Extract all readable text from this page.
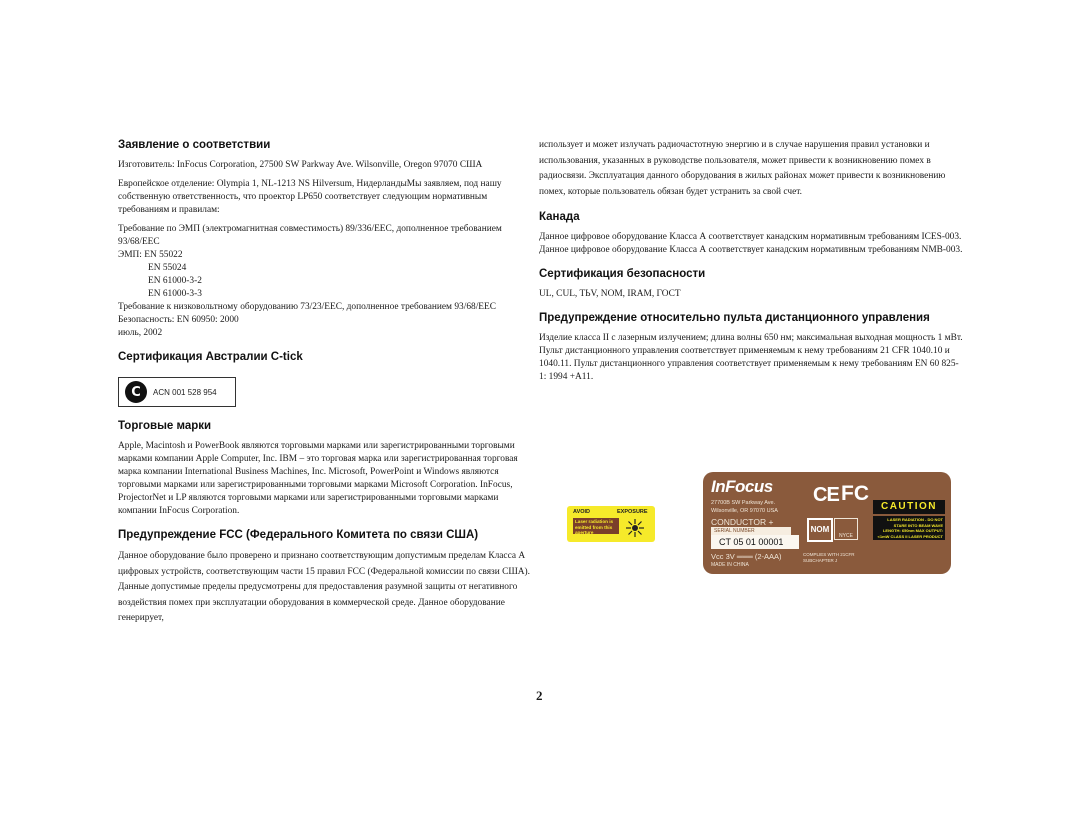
Заявление о соответствии

Изготовитель: InFocus Corporation, 27500 SW Parkway Ave. Wilsonville, Oregon 97070 США

Европейское отделение: Olympia 1, NL-1213 NS Hilversum, НидерландыМы заявляем, под нашу собственную ответственность, что проектор LP650 соответствует следующим нормативным требованиям и правилам:

Требование по ЭМП (электромагнитная совместимость) 89/336/EEC, дополненное требованием 93/68/EEC

ЭМП: EN 55022

EN 55024

EN 61000-3-2

EN 61000-3-3

Требование к низковольтному оборудованию 73/23/EEC, дополненное требованием 93/68/EEC

Безопасность: EN 60950: 2000

июль, 2002

Сертификация Австралии C-tick
C	ACN 001 528 954
Торговые марки

Apple, Macintosh и PowerBook являются торговыми марками или зарегистрированными торговыми марками компании Apple Computer, Inc. IBM – это торговая марка или зарегистрированная торговая марка компании International Business Machines, Inc. Microsoft, PowerPoint и Windows являются торговыми марками или зарегистрированными торговыми марками Microsoft Corporation. InFocus, ProjectorNet и LP являются торговыми марками или зарегистрированными торговыми марками компании InFocus Corporation.

Предупреждение FCC (Федерального Комитета по связи США)

Данное оборудование было проверено и признано соответствующим допустимым пределам Класса А цифровых устройств, соответствующим части 15 правил FCC (Федеральной комиссии по связи США). Данные допустимые пределы предусмотрены для предоставления разумной защиты от негативного воздействия помех при эксплуатации оборудования в коммерческой среде. Данное оборудование генерирует,

использует и может излучать радиочастотную энергию и в случае нарушения правил установки и использования, указанных в руководстве пользователя, может привести к возникновению помех в радиосвязи. Эксплуатация данного оборудования в жилых районах может привести к возникновению помех, которые пользователь обязан будет устранить за свой счет.

Канада

Данное цифровое оборудование Класса А соответствует канадским нормативным требованиям ICES-003.

Данное цифровое оборудование Класса А соответствует канадским нормативным требованиям NMB-003.

Сертификация безопасности

UL, CUL, TЬV, NOM, IRAM, ГОСТ

Предупреждение относительно пульта дистанционного управления

Изделие класса II с лазерным излучением; длина волны 650 нм; максимальная выходная мощность 1 мВт. Пульт дистанционного управления соответствует применяемым к нему требованиям 21 CFR 1040.10 и 1040.11. Пульт дистанционного управления соответствует применяемым к нему требованиям EN 60 825-1: 1994 +A11.

AVOID	EXPOSURE
Laser radiation is emitted from this aperture
InFocus
27700B SW Parkway Ave.
Wilsonville, OR 97070 USA
CONDUCTOR +
SERIAL NUMBER
CT 05 01 00001
Vcc 3V ═══ (2-AAA)
MADE IN CHINA
COMPLIES WITH 21CFR SUBCHAPTER J
CE FC
NOM
NYCE
CAUTION
LASER RADIATION - DO NOT STARE INTO BEAM WAVE LENGTH: 650nm MAX OUTPUT: <1mW CLASS II LASER PRODUCT
2
